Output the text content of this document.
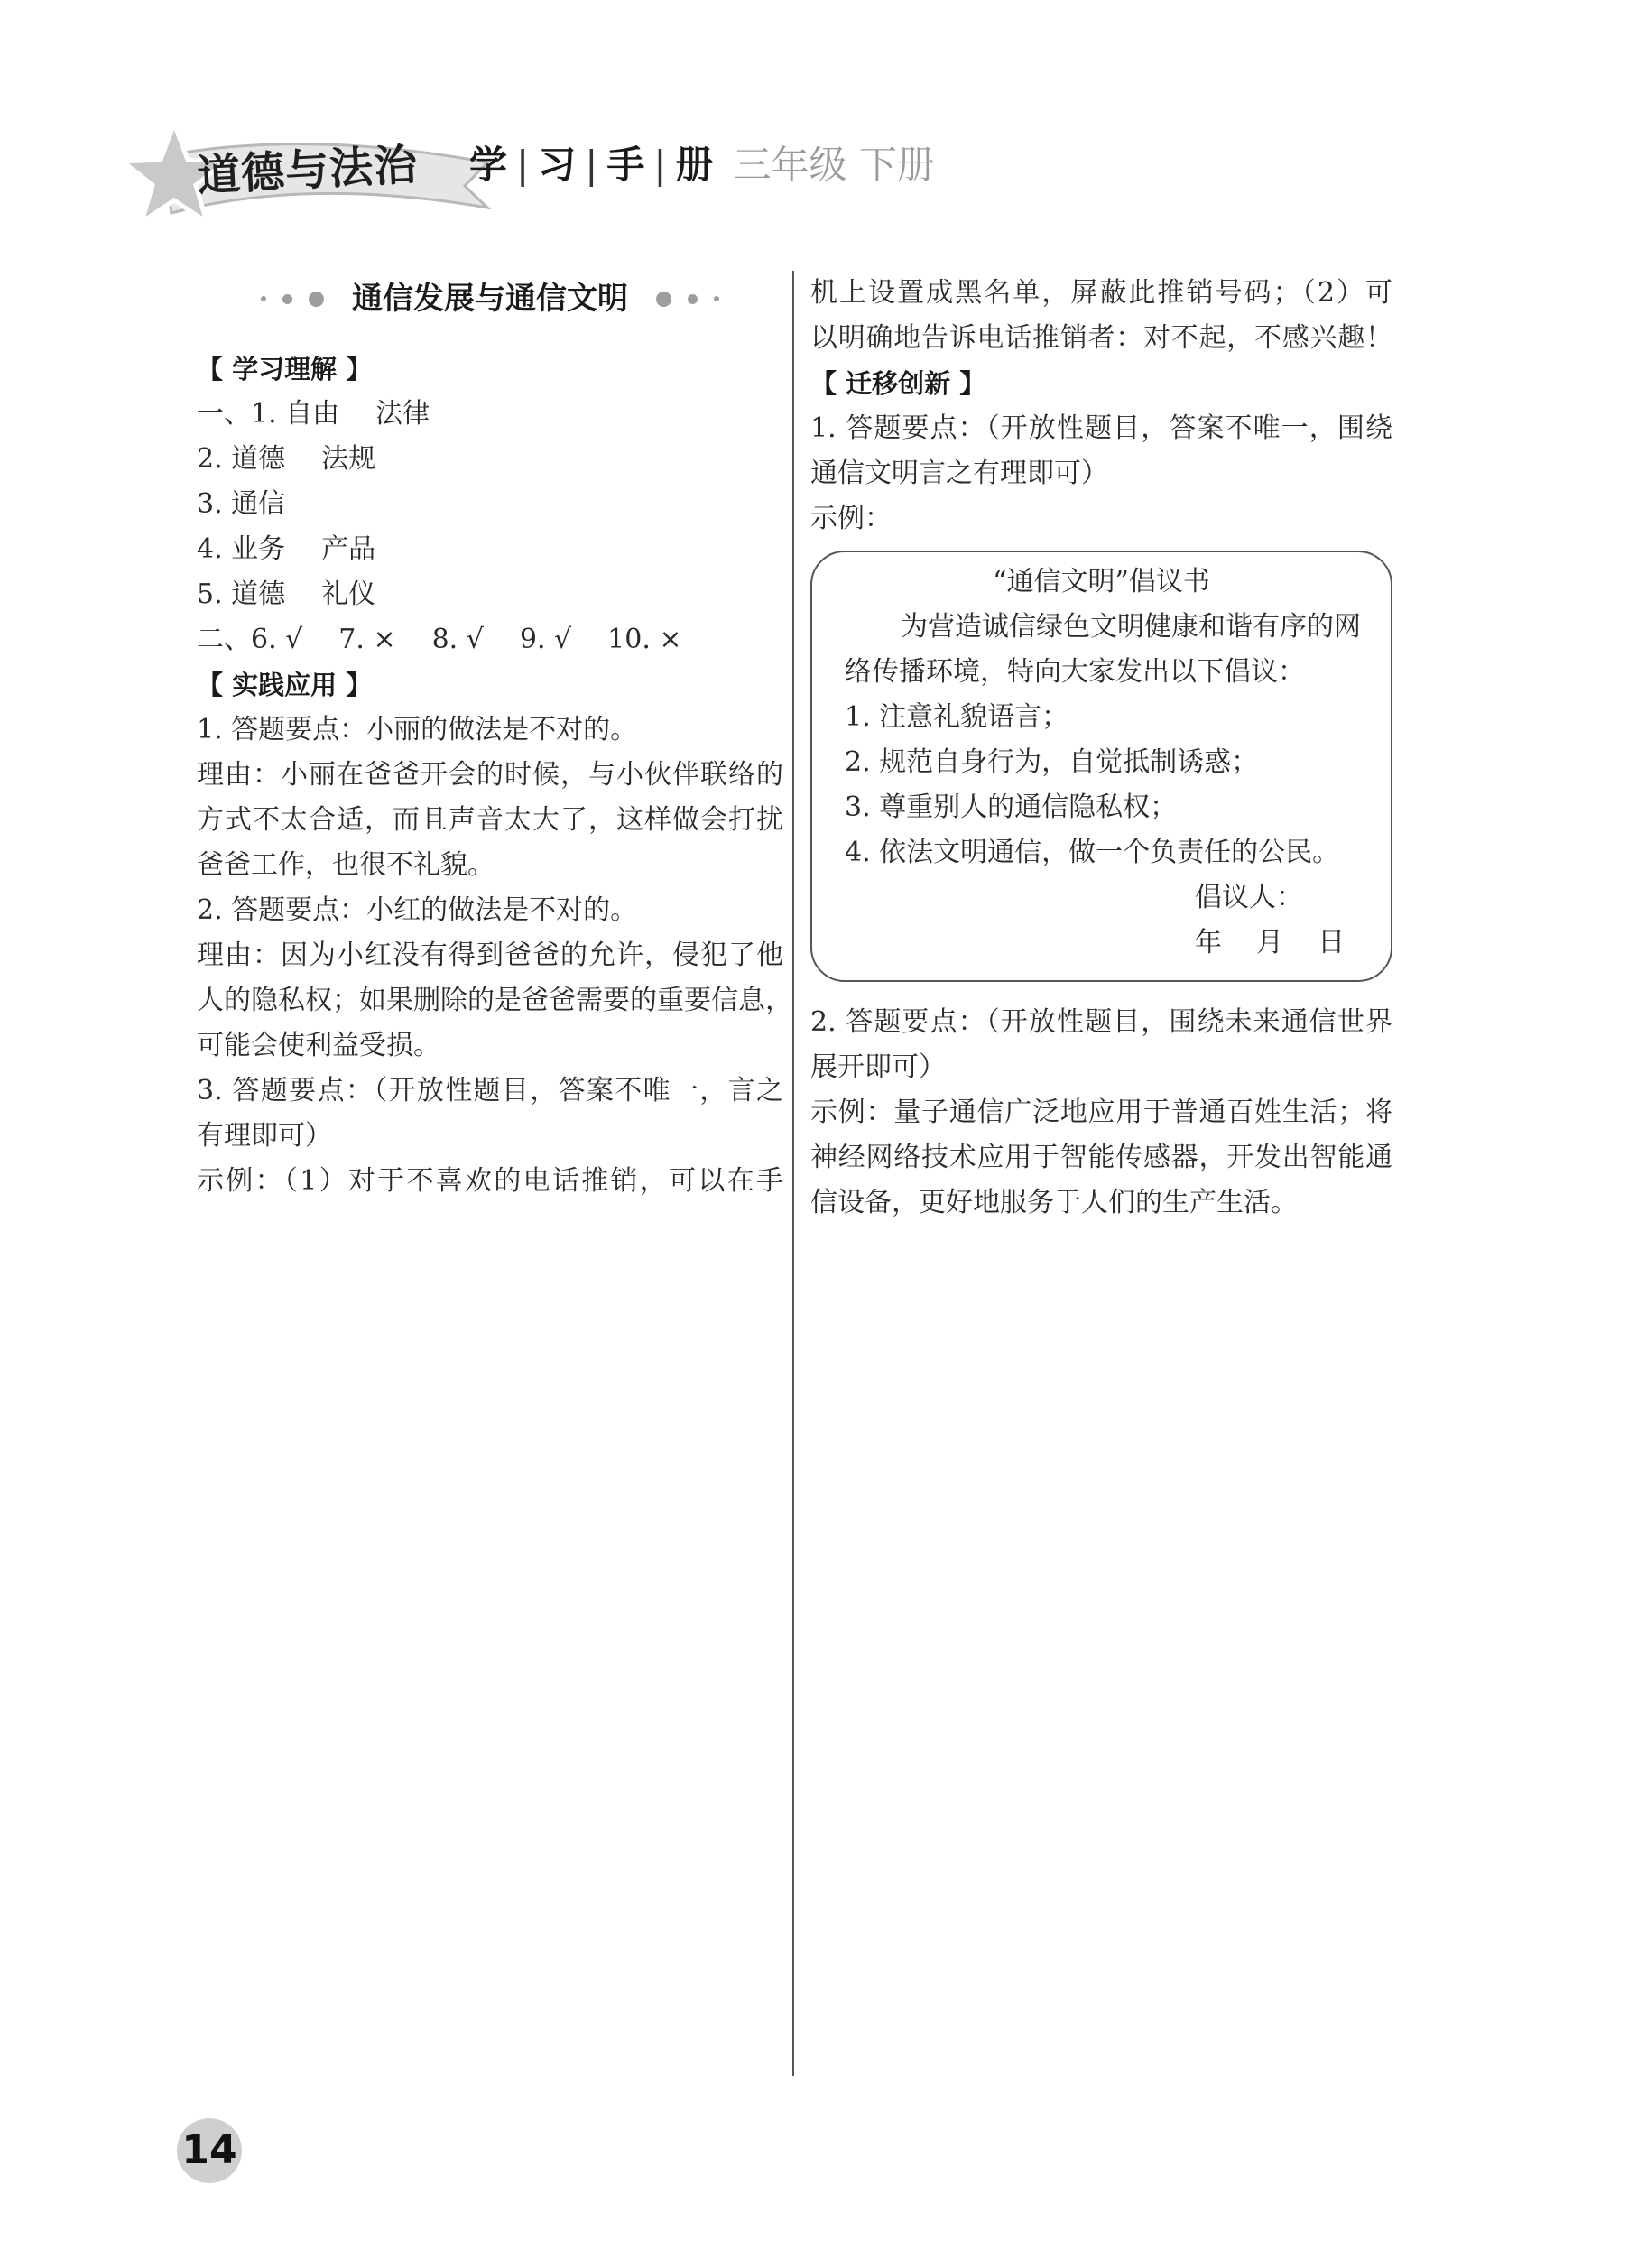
道德与法治 学 | 习 | 手 | 册 三年级 下册
通信发展与通信文明
【 学习理解 】
一、1. 自由 法律
2. 道德 法规
3. 通信
4. 业务 产品
5. 道德 礼仪
二、6. √ 7. × 8. √ 9. √ 10. ×
【 实践应用 】
1. 答题要点：小丽的做法是不对的。
理由：小丽在爸爸开会的时候，与小伙伴联络的
方式不太合适，而且声音太大了，这样做会打扰
爸爸工作，也很不礼貌。
2. 答题要点：小红的做法是不对的。
理由：因为小红没有得到爸爸的允许，侵犯了他
人的隐私权；如果删除的是爸爸需要的重要信息，
可能会使利益受损。
3. 答题要点：（开放性题目，答案不唯一，言之
有理即可）
示例：（1）对于不喜欢的电话推销，可以在手
机上设置成黑名单，屏蔽此推销号码；（2）可
以明确地告诉电话推销者：对不起，不感兴趣！
【 迁移创新 】
1. 答题要点：（开放性题目，答案不唯一，围绕
通信文明言之有理即可）
示例：
“通信文明”倡议书
为营造诚信绿色文明健康和谐有序的网
络传播环境，特向大家发出以下倡议：
1. 注意礼貌语言；
2. 规范自身行为，自觉抵制诱惑；
3. 尊重别人的通信隐私权；
4. 依法文明通信，做一个负责任的公民。
倡议人：
年    月    日
2. 答题要点：（开放性题目，围绕未来通信世界
展开即可）
示例：量子通信广泛地应用于普通百姓生活；将
神经网络技术应用于智能传感器，开发出智能通
信设备，更好地服务于人们的生产生活。
14
